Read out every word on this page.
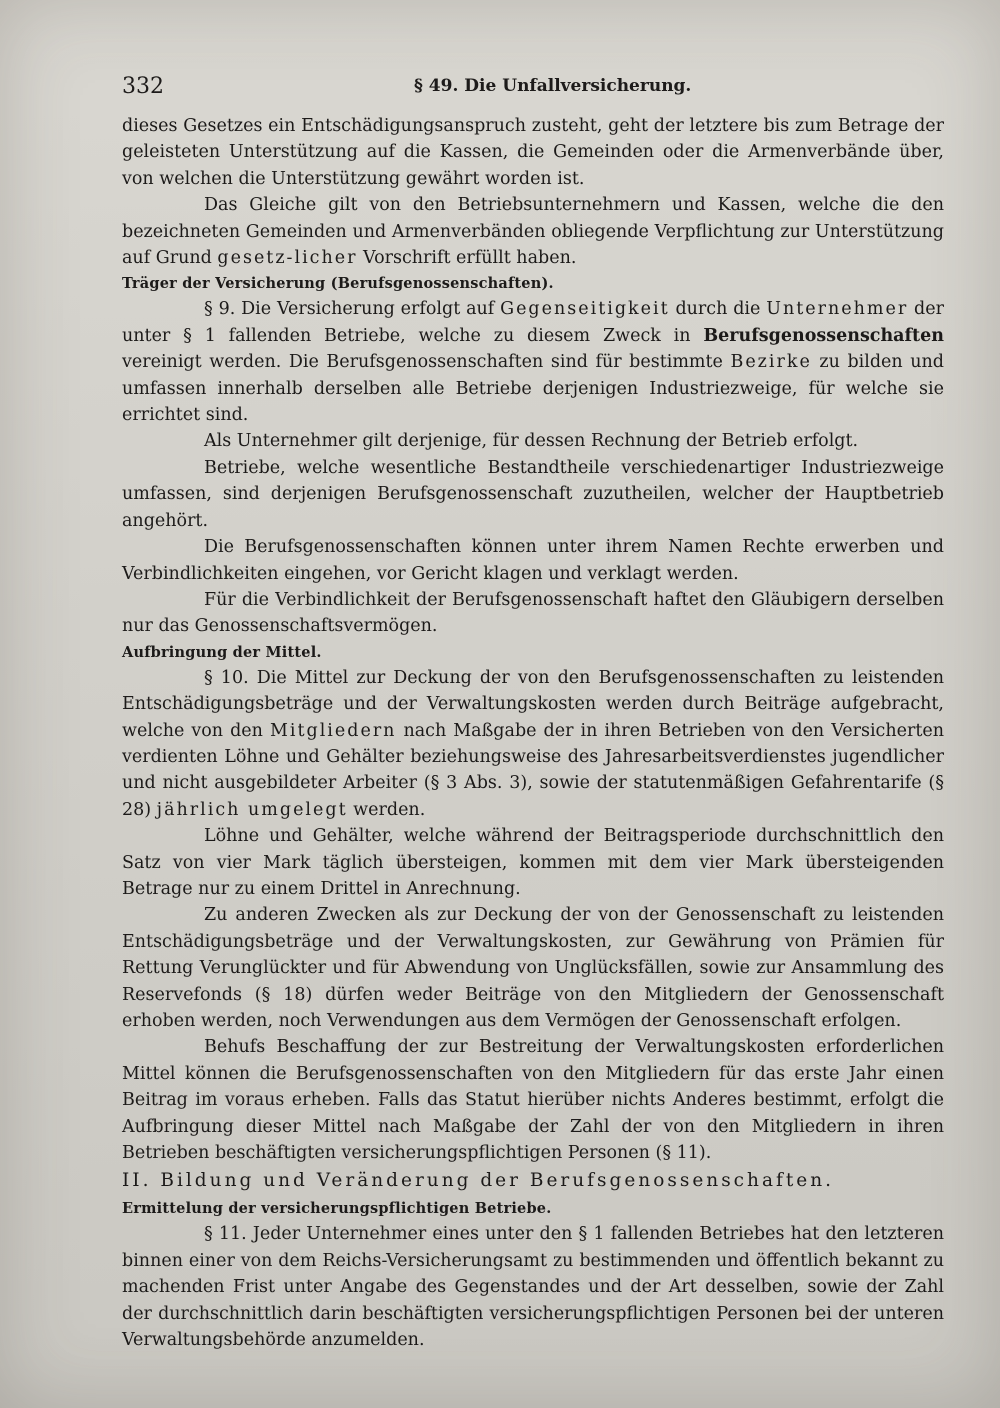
332	§ 49. Die Unfallversicherung.

dieses Gesetzes ein Entschädigungsanspruch zusteht, geht der letztere bis zum Betrage der geleisteten Unterstützung auf die Kassen, die Gemeinden oder die Armenverbände über, von welchen die Unterstützung gewährt worden ist.

Das Gleiche gilt von den Betriebsunternehmern und Kassen, welche die den bezeichneten Gemeinden und Armenverbänden obliegende Verpflichtung zur Unterstützung auf Grund gesetz-licher Vorschrift erfüllt haben.

Träger der Versicherung (Berufsgenossenschaften).

§ 9. Die Versicherung erfolgt auf Gegenseitigkeit durch die Unternehmer der unter § 1 fallenden Betriebe, welche zu diesem Zweck in Berufsgenossenschaften vereinigt werden. Die Berufsgenossenschaften sind für bestimmte Bezirke zu bilden und umfassen innerhalb derselben alle Betriebe derjenigen Industriezweige, für welche sie errichtet sind.

Als Unternehmer gilt derjenige, für dessen Rechnung der Betrieb erfolgt.

Betriebe, welche wesentliche Bestandtheile verschiedenartiger Industriezweige umfassen, sind derjenigen Berufsgenossenschaft zuzutheilen, welcher der Hauptbetrieb angehört.

Die Berufsgenossenschaften können unter ihrem Namen Rechte erwerben und Verbindlichkeiten eingehen, vor Gericht klagen und verklagt werden.

Für die Verbindlichkeit der Berufsgenossenschaft haftet den Gläubigern derselben nur das Genossenschaftsvermögen.

Aufbringung der Mittel.

§ 10. Die Mittel zur Deckung der von den Berufsgenossenschaften zu leistenden Entschädigungsbeträge und der Verwaltungskosten werden durch Beiträge aufgebracht, welche von den Mitgliedern nach Maßgabe der in ihren Betrieben von den Versicherten verdienten Löhne und Gehälter beziehungsweise des Jahresarbeitsverdienstes jugendlicher und nicht ausgebildeter Arbeiter (§ 3 Abs. 3), sowie der statutenmäßigen Gefahrentarife (§ 28) jährlich umgelegt werden.

Löhne und Gehälter, welche während der Beitragsperiode durchschnittlich den Satz von vier Mark täglich übersteigen, kommen mit dem vier Mark übersteigenden Betrage nur zu einem Drittel in Anrechnung.

Zu anderen Zwecken als zur Deckung der von der Genossenschaft zu leistenden Entschädigungsbeträge und der Verwaltungskosten, zur Gewährung von Prämien für Rettung Verunglückter und für Abwendung von Unglücksfällen, sowie zur Ansammlung des Reservefonds (§ 18) dürfen weder Beiträge von den Mitgliedern der Genossenschaft erhoben werden, noch Verwendungen aus dem Vermögen der Genossenschaft erfolgen.

Behufs Beschaffung der zur Bestreitung der Verwaltungskosten erforderlichen Mittel können die Berufsgenossenschaften von den Mitgliedern für das erste Jahr einen Beitrag im voraus erheben. Falls das Statut hierüber nichts Anderes bestimmt, erfolgt die Aufbringung dieser Mittel nach Maßgabe der Zahl der von den Mitgliedern in ihren Betrieben beschäftigten versicherungspflichtigen Personen (§ 11).

II. Bildung und Veränderung der Berufsgenossenschaften.

Ermittelung der versicherungspflichtigen Betriebe.

§ 11. Jeder Unternehmer eines unter den § 1 fallenden Betriebes hat den letzteren binnen einer von dem Reichs-Versicherungsamt zu bestimmenden und öffentlich bekannt zu machenden Frist unter Angabe des Gegenstandes und der Art desselben, sowie der Zahl der durchschnittlich darin beschäftigten versicherungspflichtigen Personen bei der unteren Verwaltungsbehörde anzumelden.
